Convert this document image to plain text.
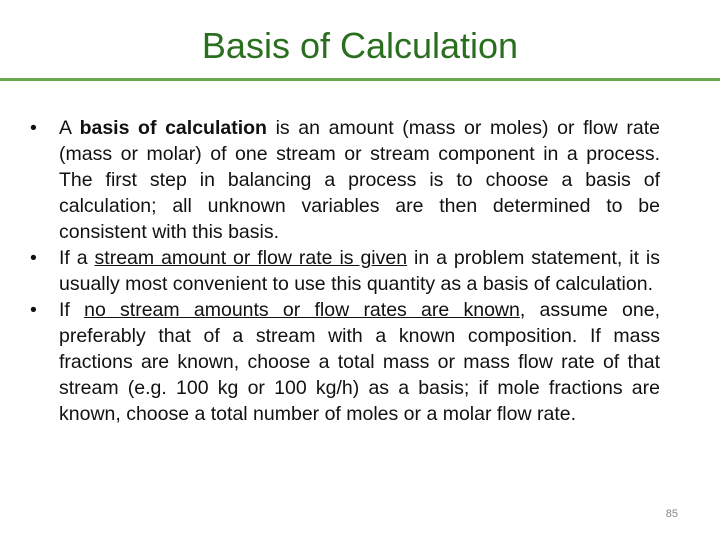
Basis of Calculation
•	A basis of calculation is an amount (mass or moles) or flow rate (mass or molar) of one stream or stream component in a process. The first step in balancing a process is to choose a basis of calculation; all unknown variables are then determined to be consistent with this basis.
•	If a stream amount or flow rate is given in a problem statement, it is usually most convenient to use this quantity as a basis of calculation.
•	If no stream amounts or flow rates are known, assume one, preferably that of a stream with a known composition. If mass fractions are known, choose a total mass or mass flow rate of that stream (e.g. 100 kg or 100 kg/h) as a basis; if mole fractions are known, choose a total number of moles or a molar flow rate.
85
